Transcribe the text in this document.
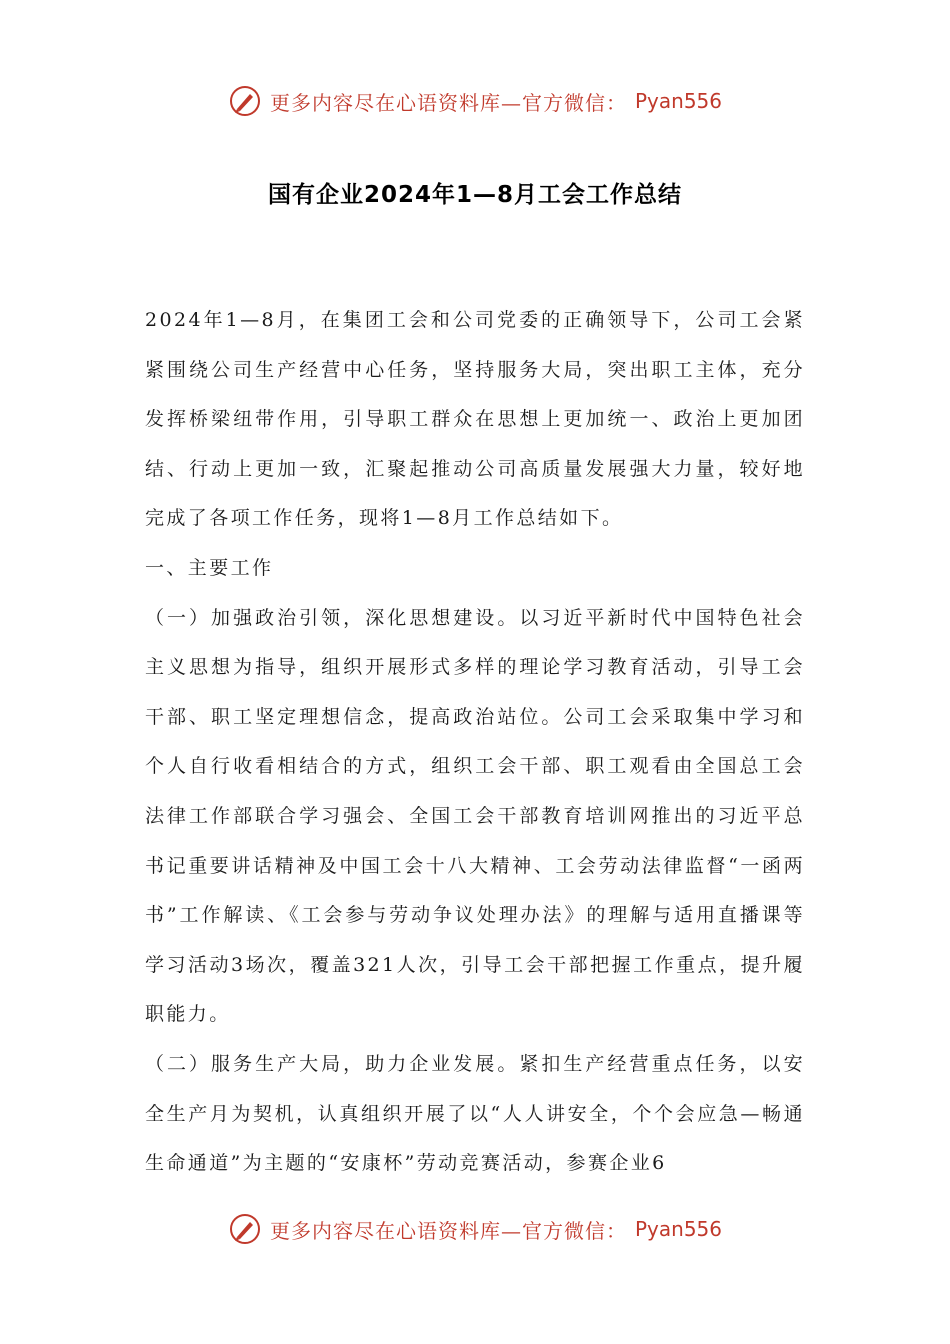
更多内容尽在心语资料库—官方微信： Pyan556
国有企业2024年1—8月工会工作总结

2024年1—8月，在集团工会和公司党委的正确领导下，公司工会紧紧围绕公司生产经营中心任务，坚持服务大局，突出职工主体，充分发挥桥梁纽带作用，引导职工群众在思想上更加统一、政治上更加团结、行动上更加一致，汇聚起推动公司高质量发展强大力量，较好地完成了各项工作任务，现将1—8月工作总结如下。

一、主要工作

（一）加强政治引领，深化思想建设。以习近平新时代中国特色社会主义思想为指导，组织开展形式多样的理论学习教育活动，引导工会干部、职工坚定理想信念，提高政治站位。公司工会采取集中学习和个人自行收看相结合的方式，组织工会干部、职工观看由全国总工会法律工作部联合学习强会、全国工会干部教育培训网推出的习近平总书记重要讲话精神及中国工会十八大精神、工会劳动法律监督“一函两书”工作解读、《工会参与劳动争议处理办法》的理解与适用直播课等学习活动3场次，覆盖321人次，引导工会干部把握工作重点，提升履职能力。

（二）服务生产大局，助力企业发展。紧扣生产经营重点任务，以安全生产月为契机，认真组织开展了以“人人讲安全，个个会应急—畅通生命通道”为主题的“安康杯”劳动竞赛活动，参赛企业6

更多内容尽在心语资料库—官方微信： Pyan556
